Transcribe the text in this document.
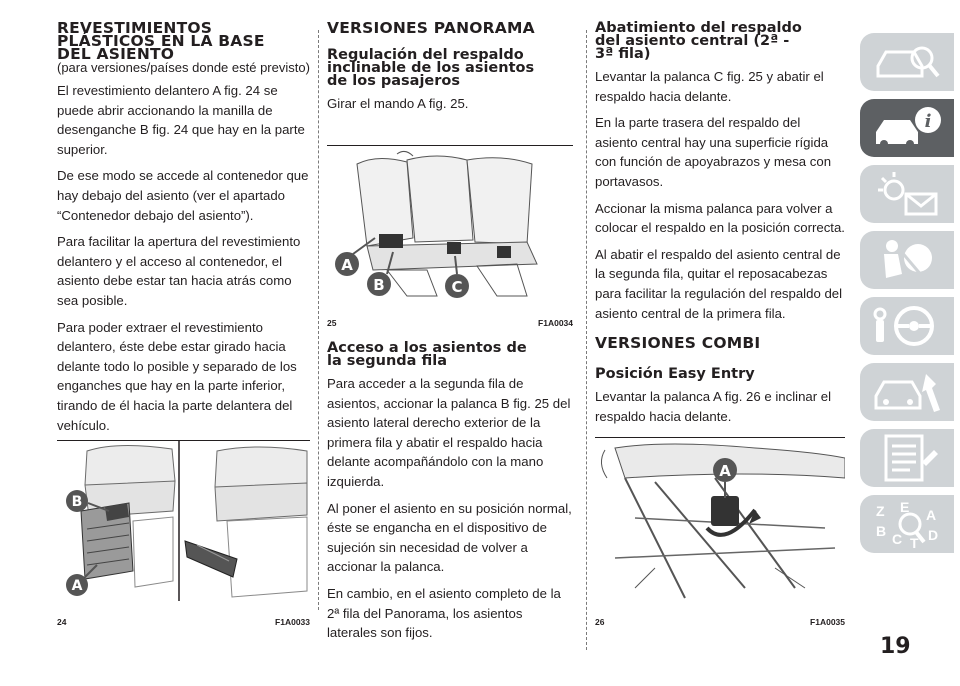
REVESTIMIENTOS
PLÁSTICOS EN LA BASE
DEL ASIENTO
(para versiones/países donde esté previsto)

El revestimiento delantero A fig. 24 se puede abrir accionando la manilla de desenganche B fig. 24 que hay en la parte superior.

De ese modo se accede al contenedor que hay debajo del asiento (ver el apartado “Contenedor debajo del asiento”).

Para facilitar la apertura del revestimiento delantero y el acceso al contenedor, el asiento debe estar tan hacia atrás como sea posible.

Para poder extraer el revestimiento delantero, éste debe estar girado hacia delante todo lo posible y separado de los enganches que hay en la parte inferior, tirando de él hacia la parte delantera del vehículo.

B
A
24	F1A0033
VERSIONES PANORAMA
Regulación del respaldo
inclinable de los asientos
de los pasajeros

Girar el mando A fig. 25.

A
B	C
25	F1A0034
Acceso a los asientos de
la segunda fila

Para acceder a la segunda fila de asientos, accionar la palanca B fig. 25 del asiento lateral derecho exterior de la primera fila y abatir el respaldo hacia delante acompañándolo con la mano izquierda.

Al poner el asiento en su posición normal, éste se engancha en el dispositivo de sujeción sin necesidad de volver a accionar la palanca.

En cambio, en el asiento completo de la 2ª fila del Panorama, los asientos laterales son fijos.

Abatimiento del respaldo
del asiento central (2ª -
3ª fila)

Levantar la palanca C fig. 25 y abatir el respaldo hacia delante.

En la parte trasera del respaldo del asiento central hay una superficie rígida con función de apoyabrazos y mesa con portavasos.

Accionar la misma palanca para volver a colocar el respaldo en la posición correcta.

Al abatir el respaldo del asiento central de la segunda fila, quitar el reposacabezas para facilitar la regulación del respaldo del asiento central de la primera fila.

VERSIONES COMBI
Posición Easy Entry

Levantar la palanca A fig. 26 e inclinar el respaldo hacia delante.

A
26	F1A0035
i
Z E A
B C T D
19
